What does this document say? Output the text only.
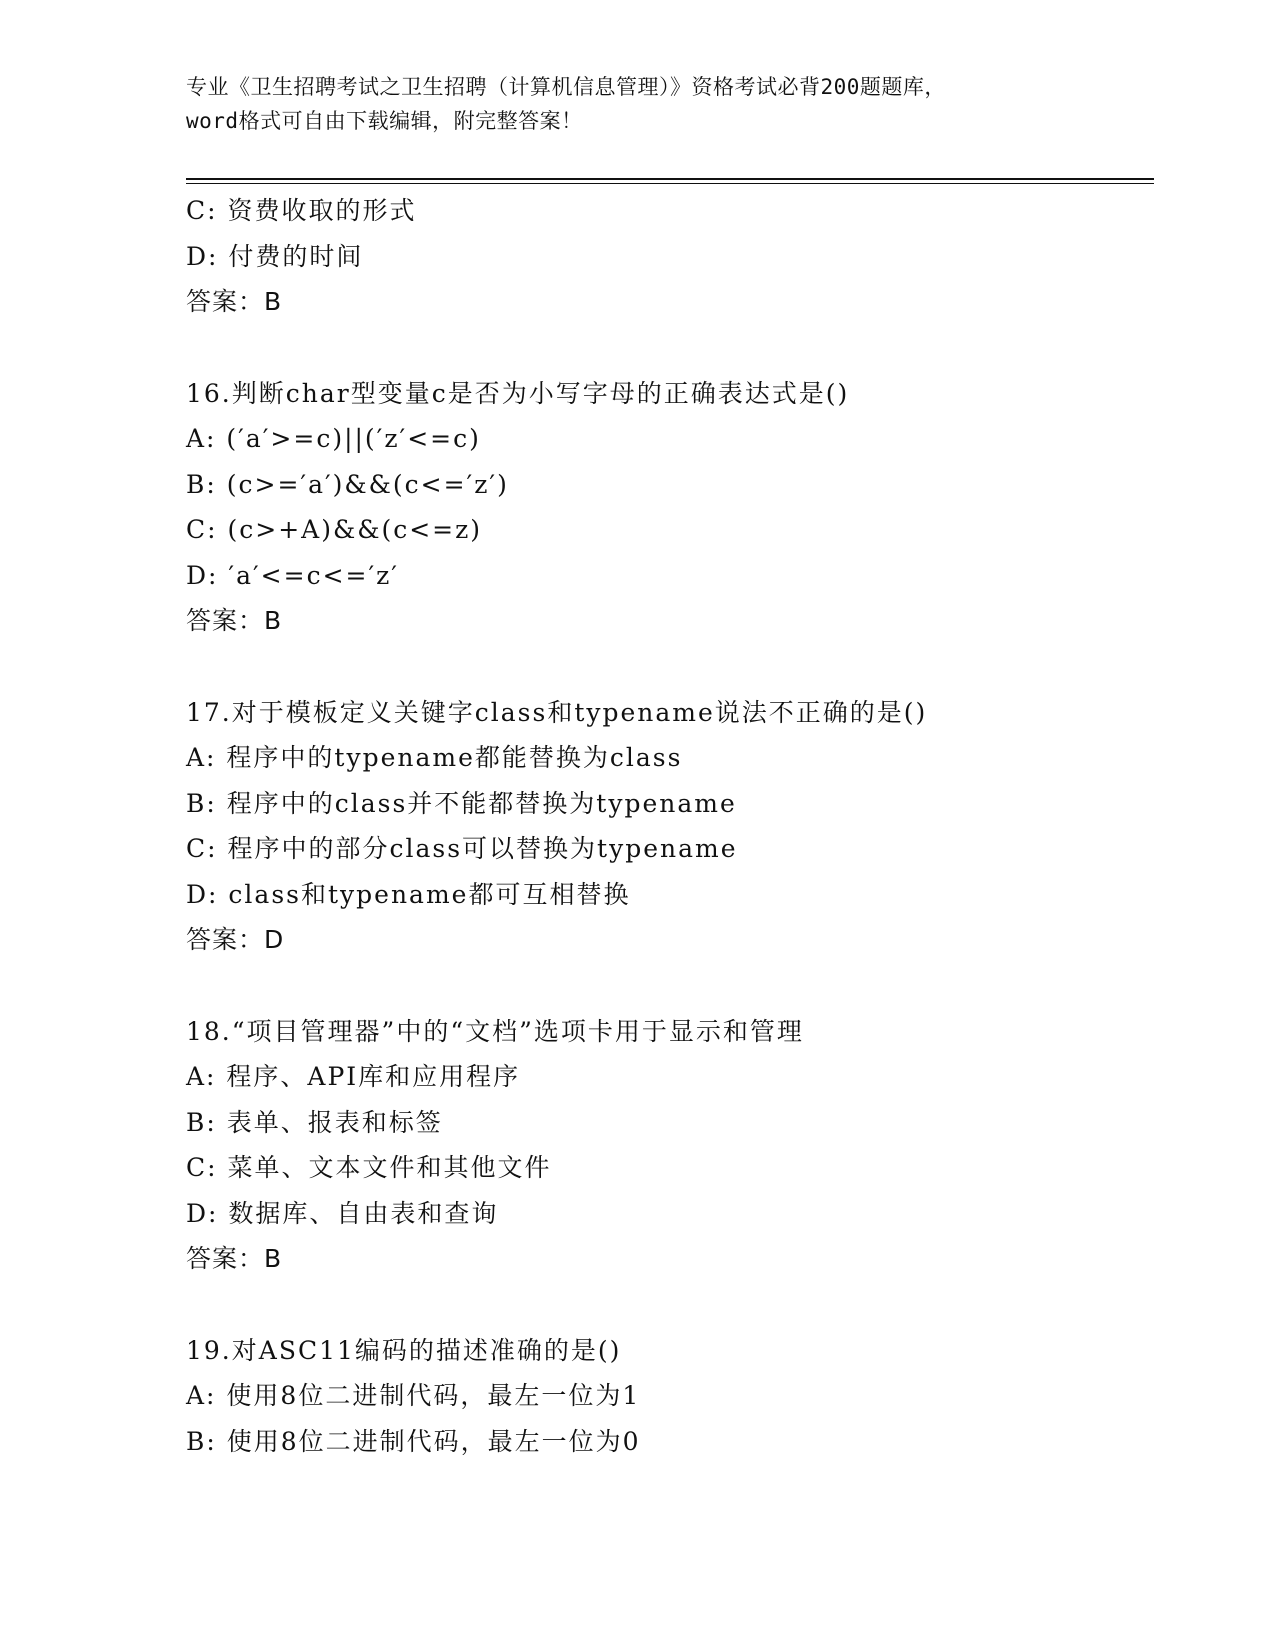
专业《卫生招聘考试之卫生招聘（计算机信息管理）》资格考试必背200题题库，
word格式可自由下载编辑，附完整答案！
C: 资费收取的形式
D: 付费的时间
答案：B
16.判断char型变量c是否为小写字母的正确表达式是()
A: (′a′>=c)||(′z′<=c)
B: (c>=′a′)&&(c<=′z′)
C: (c>+A)&&(c<=z)
D: ′a′<=c<=′z′
答案：B
17.对于模板定义关键字class和typename说法不正确的是()
A: 程序中的typename都能替换为class
B: 程序中的class并不能都替换为typename
C: 程序中的部分class可以替换为typename
D: class和typename都可互相替换
答案：D
18.“项目管理器”中的“文档”选项卡用于显示和管理
A: 程序、API库和应用程序
B: 表单、报表和标签
C: 菜单、文本文件和其他文件
D: 数据库、自由表和查询
答案：B
19.对ASC11编码的描述准确的是()
A: 使用8位二进制代码，最左一位为1
B: 使用8位二进制代码，最左一位为0
